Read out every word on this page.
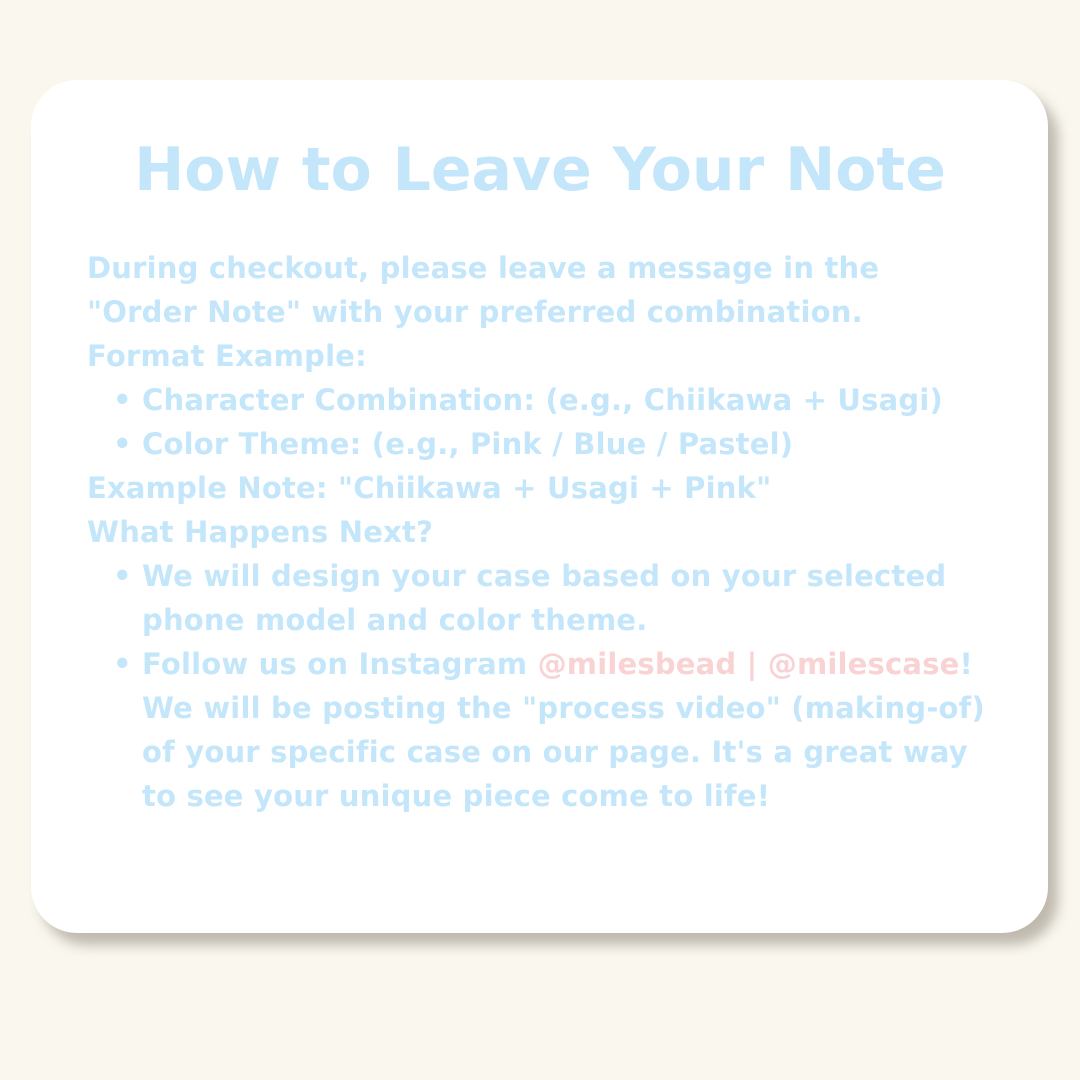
How to Leave Your Note

During checkout, please leave a message in the

"Order Note" with your preferred combination.

Format Example:

• Character Combination: (e.g., Chiikawa + Usagi)
• Color Theme: (e.g., Pink / Blue / Pastel)

Example Note: "Chiikawa + Usagi + Pink"

What Happens Next?

• We will design your case based on your selected phone model and color theme.
• Follow us on Instagram @milesbead | @milescase! We will be posting the "process video" (making-of) of your specific case on our page. It's a great way to see your unique piece come to life!
